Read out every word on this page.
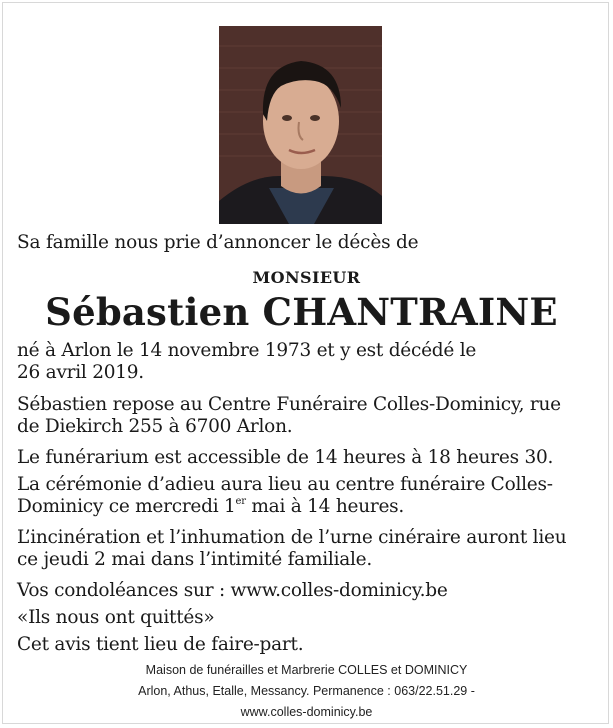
Sa famille nous prie d’annoncer le décès de
MONSIEUR
Sébastien CHANTRAINE
né à Arlon le 14 novembre 1973 et y est décédé le
26 avril 2019.
Sébastien repose au Centre Funéraire Colles-Dominicy, rue
de Diekirch 255 à 6700 Arlon.
Le funérarium est accessible de 14 heures à 18 heures 30.
La cérémonie d’adieu aura lieu au centre funéraire Colles-
Dominicy ce mercredi 1er mai à 14 heures.
L’incinération et l’inhumation de l’urne cinéraire auront lieu
ce jeudi 2 mai dans l’intimité familiale.
Vos condoléances sur : www.colles-dominicy.be
«Ils nous ont quittés»
Cet avis tient lieu de faire-part.
Maison de funérailles et Marbrerie COLLES et DOMINICY
Arlon, Athus, Etalle, Messancy. Permanence : 063/22.51.29 -
www.colles-dominicy.be
